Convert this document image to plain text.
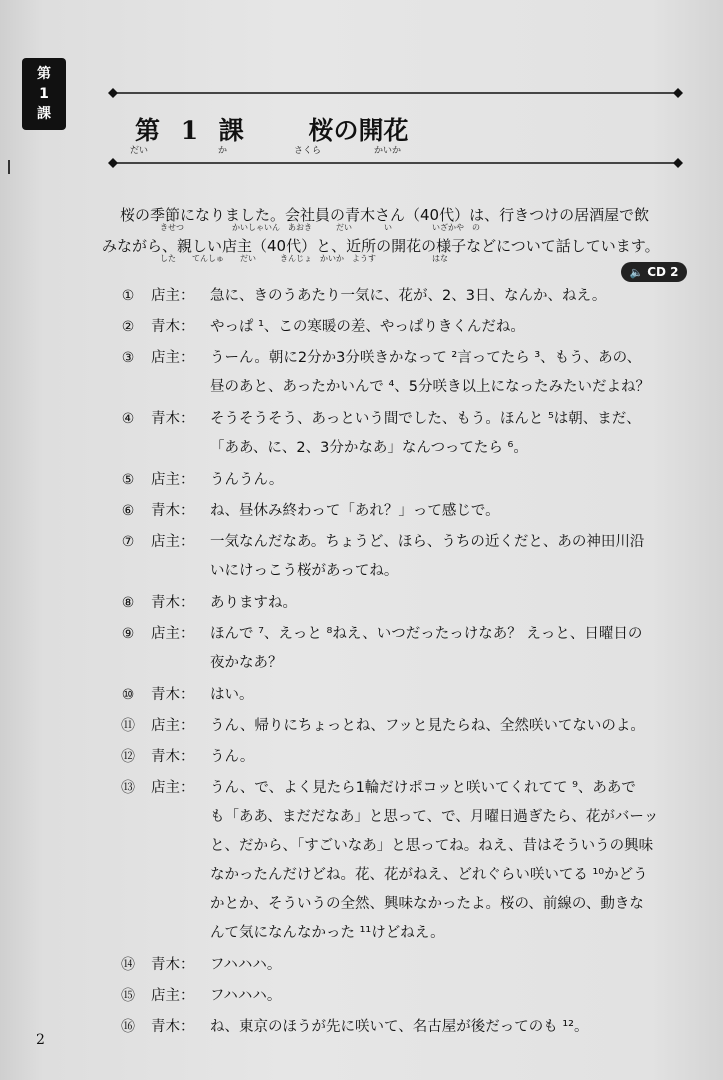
第
1
課
第 1 課 桜の開花
だい	か	さくら	かいか
桜の季節になりました。会社員の青木さん（40代）は、行きつけの居酒屋で飲
みながら、親しい店主（40代）と、近所の開花の様子などについて話しています。
きせつ　　　　　　かいしゃいん　あおき　　　だい　　　　い　　　　　いざかや　の
した　　てんしゅ　　だい　　　きんじょ　かいか　ようす　　　　　　　はな
🔈 CD 2
① 店主： 急に、きのうあたり一気に、花が、2、3日、なんか、ねえ。
② 青木： やっぱ ¹、この寒暖の差、やっぱりきくんだね。
③ 店主： うーん。朝に2分か3分咲きかなって ²言ってたら ³、もう、あの、
昼のあと、あったかいんで ⁴、5分咲き以上になったみたいだよね？
④ 青木： そうそうそう、あっという間でした、もう。ほんと ⁵は朝、まだ、
「ああ、に、2、3分かなあ」なんつってたら ⁶。
⑤ 店主： うんうん。
⑥ 青木： ね、昼休み終わって「あれ？」って感じで。
⑦ 店主： 一気なんだなあ。ちょうど、ほら、うちの近くだと、あの神田川沿
いにけっこう桜があってね。
⑧ 青木： ありますね。
⑨ 店主： ほんで ⁷、えっと ⁸ねえ、いつだったっけなあ？ えっと、日曜日の
夜かなあ？
⑩ 青木： はい。
⑪ 店主： うん、帰りにちょっとね、フッと見たらね、全然咲いてないのよ。
⑫ 青木： うん。
⑬ 店主： うん、で、よく見たら1輪だけポコッと咲いてくれてて ⁹、ああで
も「ああ、まだだなあ」と思って、で、月曜日過ぎたら、花がバーッ
と、だから、「すごいなあ」と思ってね。ねえ、昔はそういうの興味
なかったんだけどね。花、花がねえ、どれぐらい咲いてる ¹⁰かどう
かとか、そういうの全然、興味なかったよ。桜の、前線の、動きな
んて気になんなかった ¹¹けどねえ。
⑭ 青木： フハハハ。
⑮ 店主： フハハハ。
⑯ 青木： ね、東京のほうが先に咲いて、名古屋が後だってのも ¹²。
2
